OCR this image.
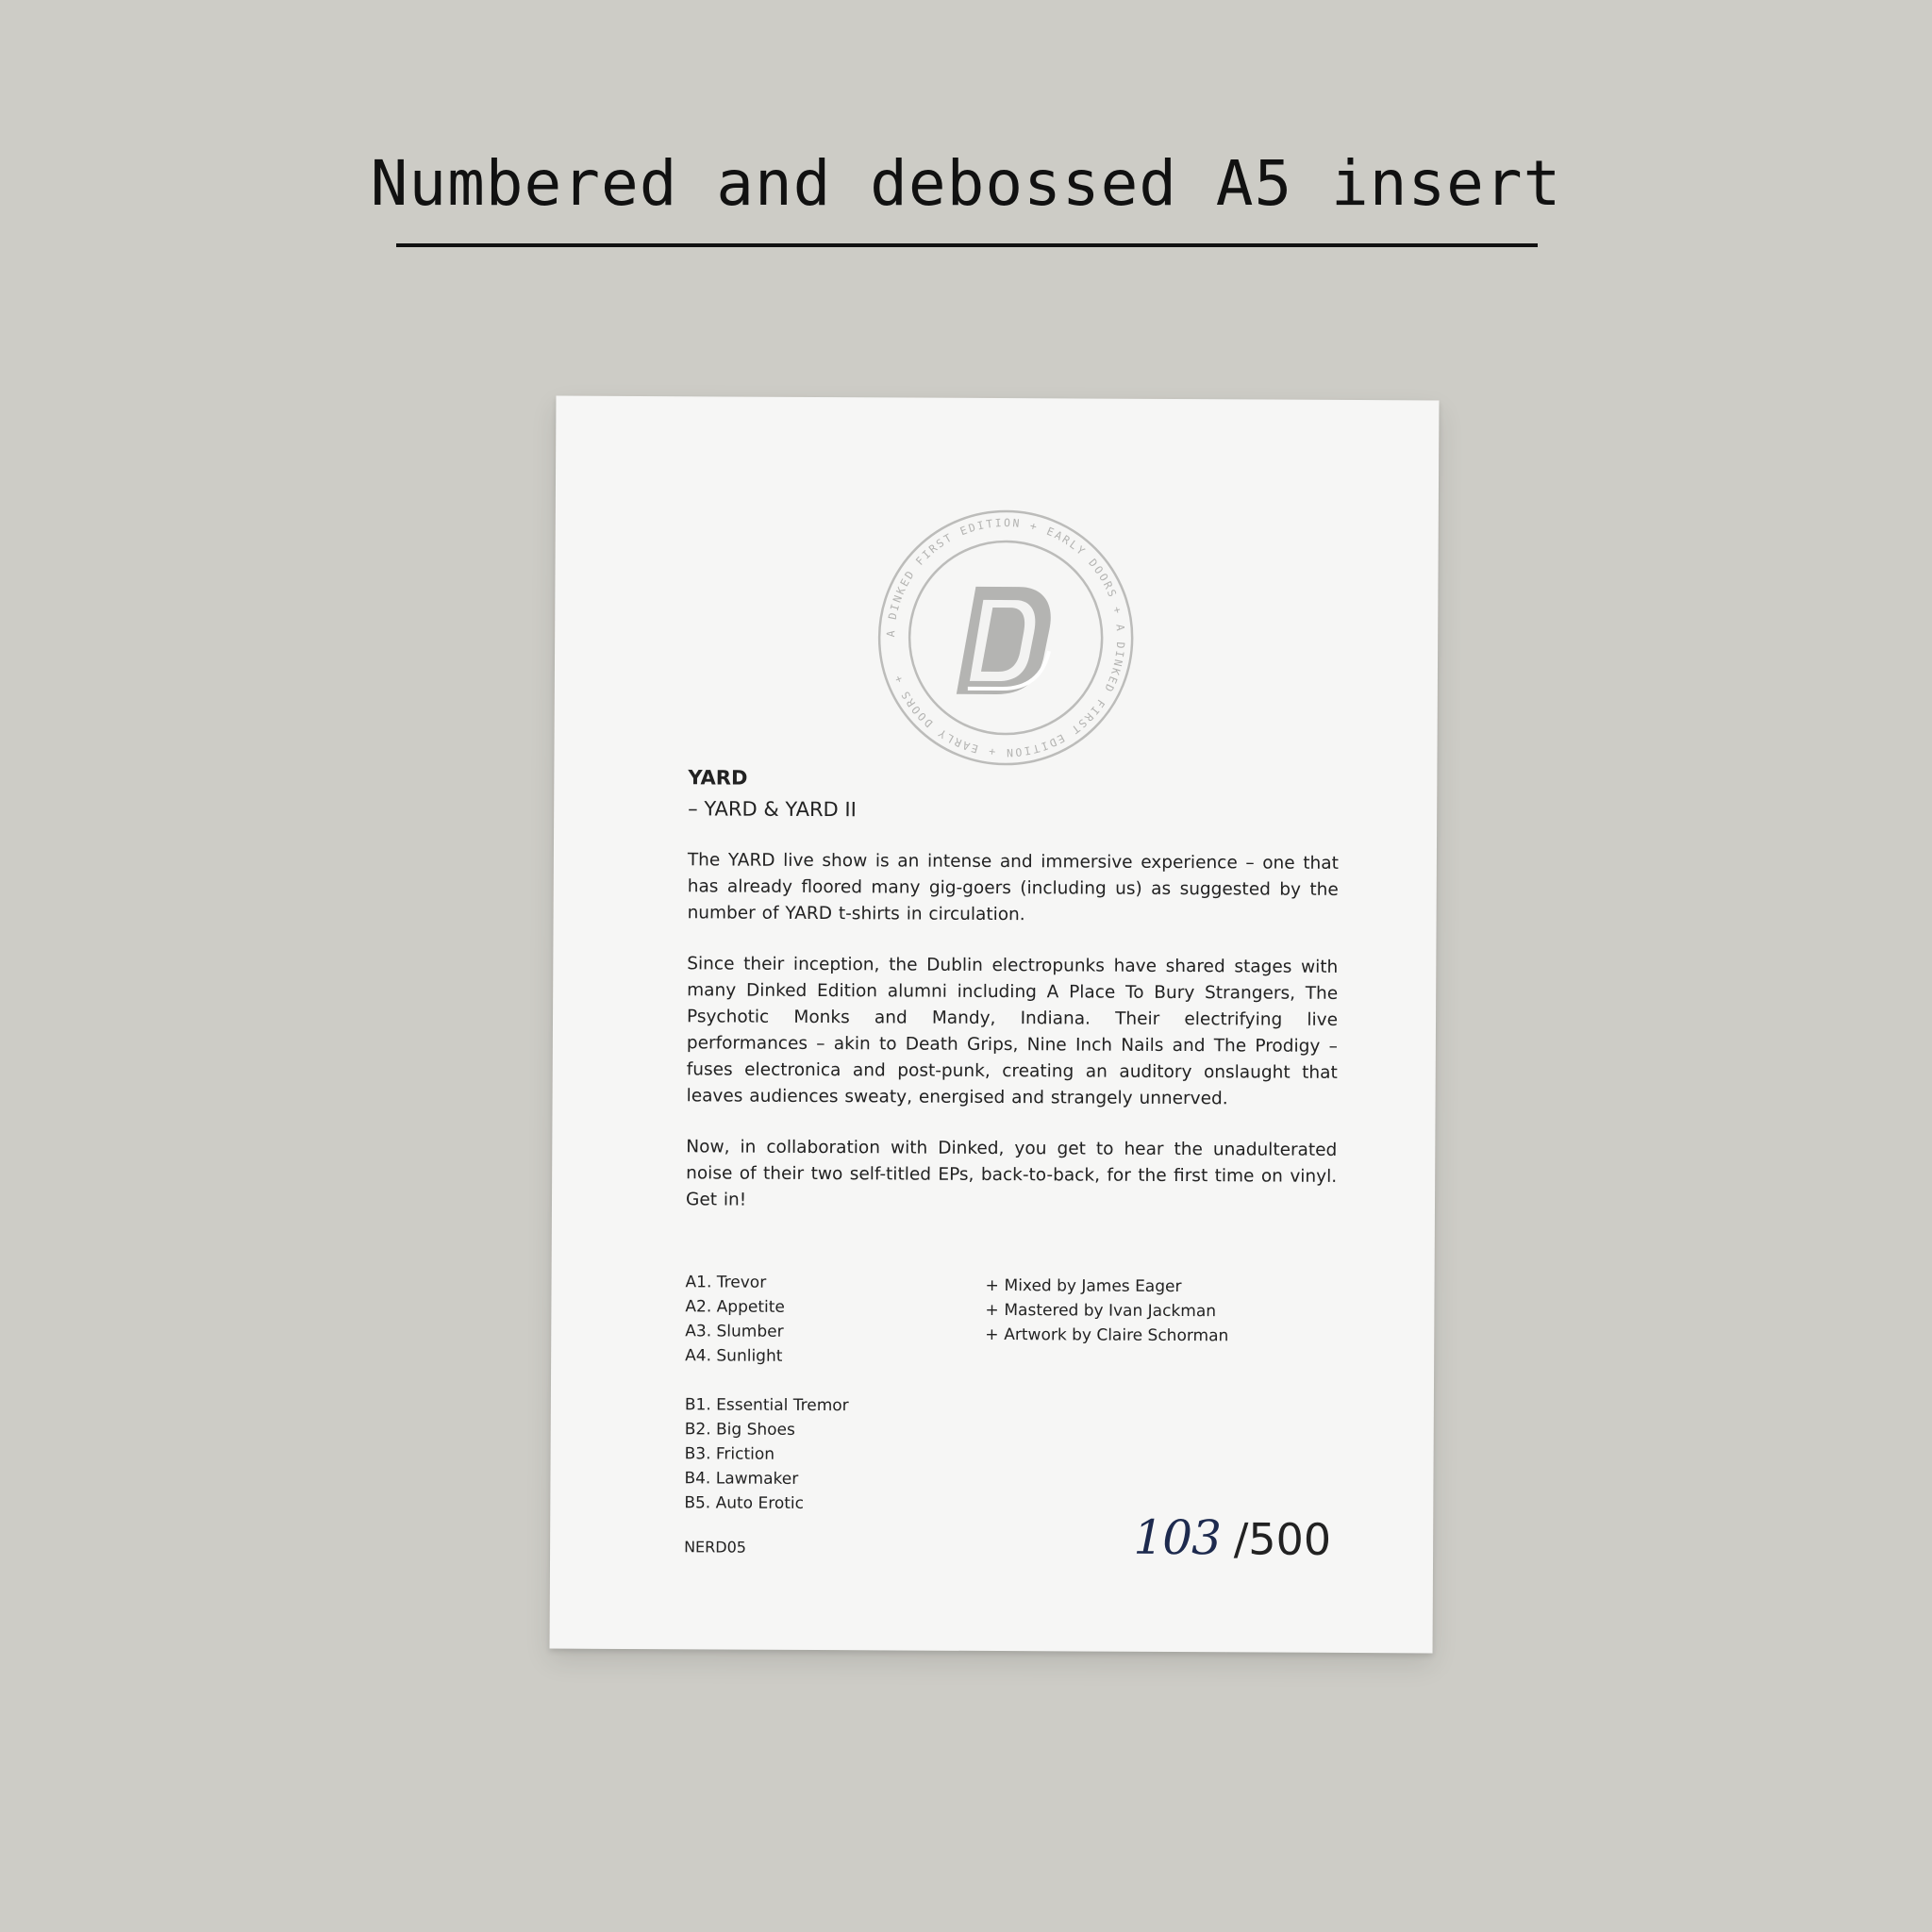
Numbered and debossed A5 insert
A DINKED FIRST EDITION + EARLY DOORS + A DINKED FIRST EDITION + EARLY DOORS +
YARD
– YARD & YARD II
The YARD live show is an intense and immersive experience – one that has already floored many gig-goers (including us) as suggested by the number of YARD t-shirts in circulation.
Since their inception, the Dublin electropunks have shared stages with many Dinked Edition alumni including A Place To Bury Strangers, The Psychotic Monks and Mandy, Indiana. Their electrifying live performances – akin to Death Grips, Nine Inch Nails and The Prodigy – fuses electronica and post-punk, creating an auditory onslaught that leaves audiences sweaty, energised and strangely unnerved.
Now, in collaboration with Dinked, you get to hear the unadulterated noise of their two self-titled EPs, back-to-back, for the first time on vinyl. Get in!
A1. Trevor
A2. Appetite
A3. Slumber
A4. Sunlight
B1. Essential Tremor
B2. Big Shoes
B3. Friction
B4. Lawmaker
B5. Auto Erotic
+ Mixed by James Eager
+ Mastered by Ivan Jackman
+ Artwork by Claire Schorman
NERD05	103 /500
